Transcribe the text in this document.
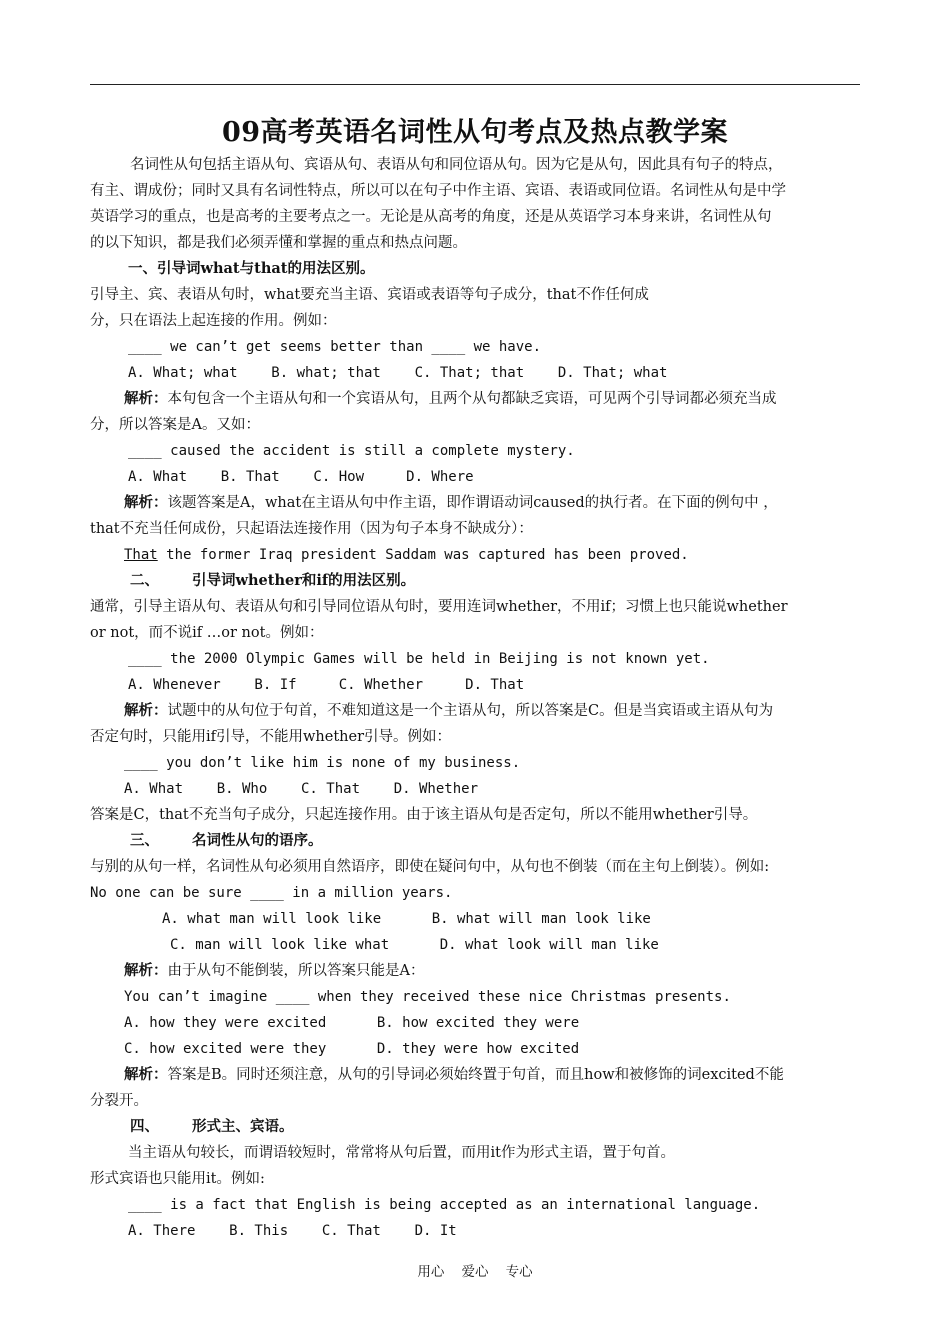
09高考英语名词性从句考点及热点教学案
名词性从句包括主语从句、宾语从句、表语从句和同位语从句。因为它是从句，因此具有句子的特点，
有主、谓成份；同时又具有名词性特点，所以可以在句子中作主语、宾语、表语或同位语。名词性从句是中学
英语学习的重点，也是高考的主要考点之一。无论是从高考的角度，还是从英语学习本身来讲，名词性从句
的以下知识，都是我们必须弄懂和掌握的重点和热点问题。
一、引导词what与that的用法区别。
引导主、宾、表语从句时，what要充当主语、宾语或表语等句子成分，that不作任何成
分，只在语法上起连接的作用。例如：
____ we can’t get seems better than ____ we have.
A. What; what    B. what; that    C. That; that    D. That; what
解析：本句包含一个主语从句和一个宾语从句，且两个从句都缺乏宾语，可见两个引导词都必须充当成
分，所以答案是A。又如：
____ caused the accident is still a complete mystery.
A. What    B. That    C. How     D. Where
解析：该题答案是A，what在主语从句中作主语，即作谓语动词caused的执行者。在下面的例句中 ，
that不充当任何成份，只起语法连接作用（因为句子本身不缺成分）：
That the former Iraq president Saddam was captured has been proved.
二、 引导词whether和if的用法区别。
通常，引导主语从句、表语从句和引导同位语从句时，要用连词whether，不用if；习惯上也只能说whether
or not，而不说if …or not。例如：
____ the 2000 Olympic Games will be held in Beijing is not known yet.
A. Whenever    B. If     C. Whether     D. That
解析：试题中的从句位于句首，不难知道这是一个主语从句，所以答案是C。但是当宾语或主语从句为
否定句时，只能用if引导，不能用whether引导。例如：
____ you don’t like him is none of my business.
A. What    B. Who    C. That    D. Whether
答案是C，that不充当句子成分，只起连接作用。由于该主语从句是否定句，所以不能用whether引导。
三、 名词性从句的语序。
与别的从句一样，名词性从句必须用自然语序，即使在疑问句中，从句也不倒装（而在主句上倒装）。例如:
No one can be sure ____ in a million years.
A. what man will look like      B. what will man look like
C. man will look like what      D. what look will man like
解析：由于从句不能倒装，所以答案只能是A：
You can’t imagine ____ when they received these nice Christmas presents.
A. how they were excited      B. how excited they were
C. how excited were they      D. they were how excited
解析：答案是B。同时还须注意，从句的引导词必须始终置于句首，而且how和被修饰的词excited不能
分裂开。
四、 形式主、宾语。
当主语从句较长，而谓语较短时，常常将从句后置，而用it作为形式主语，置于句首。
形式宾语也只能用it。例如:
____ is a fact that English is being accepted as an international language.
A. There    B. This    C. That    D. It
用心    爱心    专心
